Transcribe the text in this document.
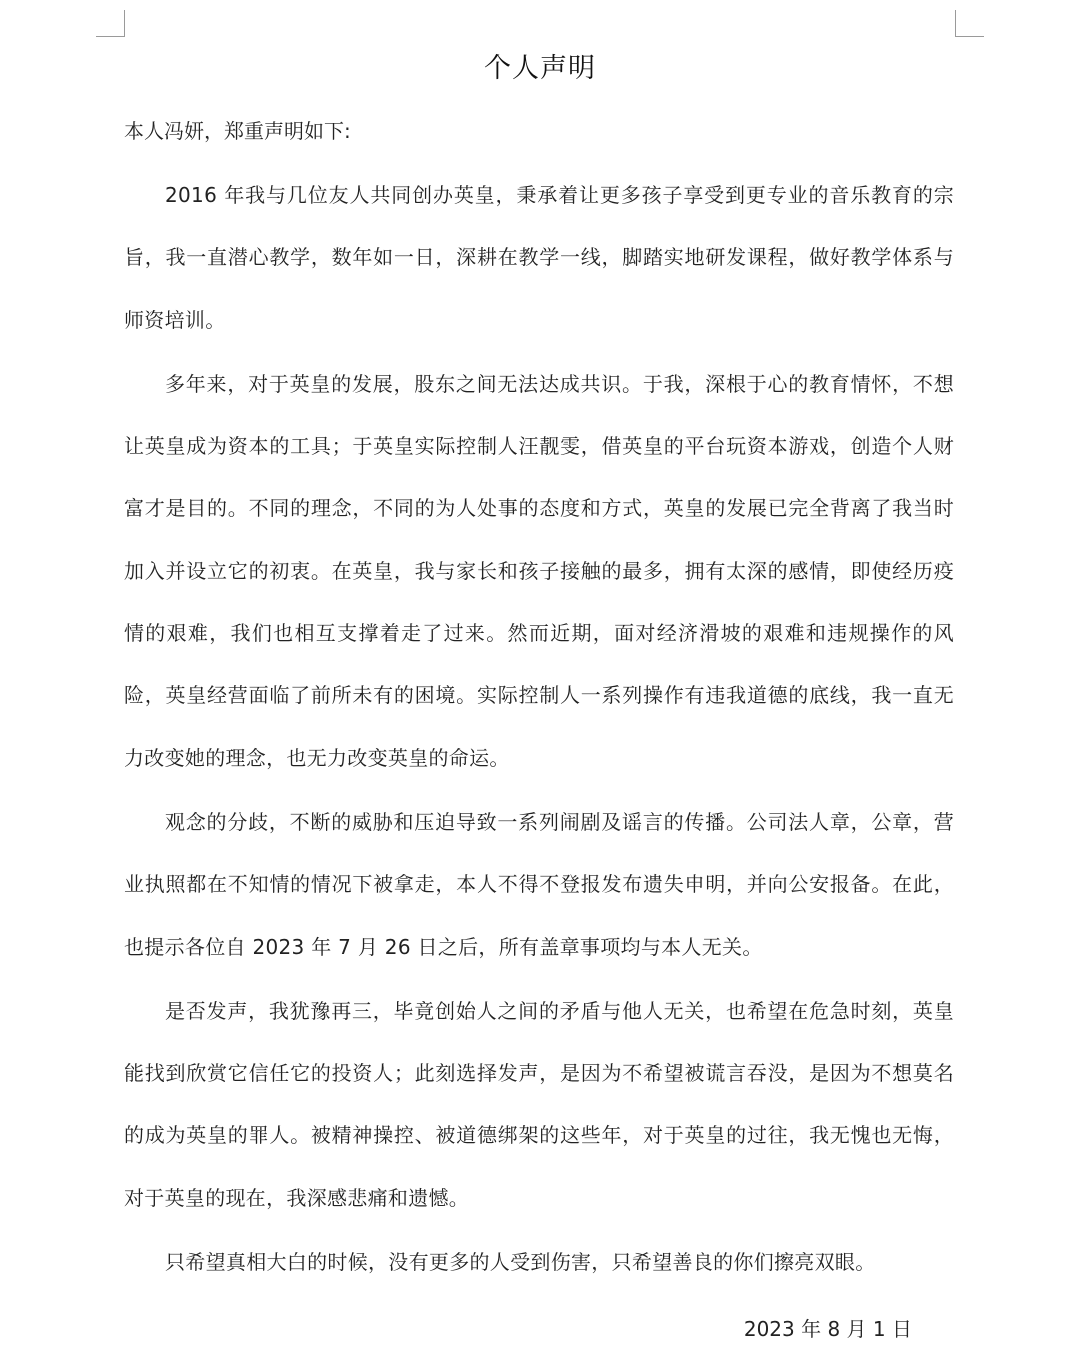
个人声明
本人冯妍，郑重声明如下:

2016 年我与几位友人共同创办英皇，秉承着让更多孩子享受到更专业的音乐教育的宗旨，我一直潜心教学，数年如一日，深耕在教学一线，脚踏实地研发课程，做好教学体系与师资培训。

多年来，对于英皇的发展，股东之间无法达成共识。于我，深根于心的教育情怀，不想让英皇成为资本的工具；于英皇实际控制人汪靓雯，借英皇的平台玩资本游戏，创造个人财富才是目的。不同的理念，不同的为人处事的态度和方式，英皇的发展已完全背离了我当时加入并设立它的初衷。在英皇，我与家长和孩子接触的最多，拥有太深的感情，即使经历疫情的艰难，我们也相互支撑着走了过来。然而近期，面对经济滑坡的艰难和违规操作的风险，英皇经营面临了前所未有的困境。实际控制人一系列操作有违我道德的底线，我一直无力改变她的理念，也无力改变英皇的命运。

观念的分歧，不断的威胁和压迫导致一系列闹剧及谣言的传播。公司法人章，公章，营业执照都在不知情的情况下被拿走，本人不得不登报发布遗失申明，并向公安报备。在此，也提示各位自 2023 年 7 月 26 日之后，所有盖章事项均与本人无关。

是否发声，我犹豫再三，毕竟创始人之间的矛盾与他人无关，也希望在危急时刻，英皇能找到欣赏它信任它的投资人；此刻选择发声，是因为不希望被谎言吞没，是因为不想莫名的成为英皇的罪人。被精神操控、被道德绑架的这些年，对于英皇的过往，我无愧也无悔，对于英皇的现在，我深感悲痛和遗憾。

只希望真相大白的时候，没有更多的人受到伤害，只希望善良的你们擦亮双眼。

2023 年 8 月 1 日
